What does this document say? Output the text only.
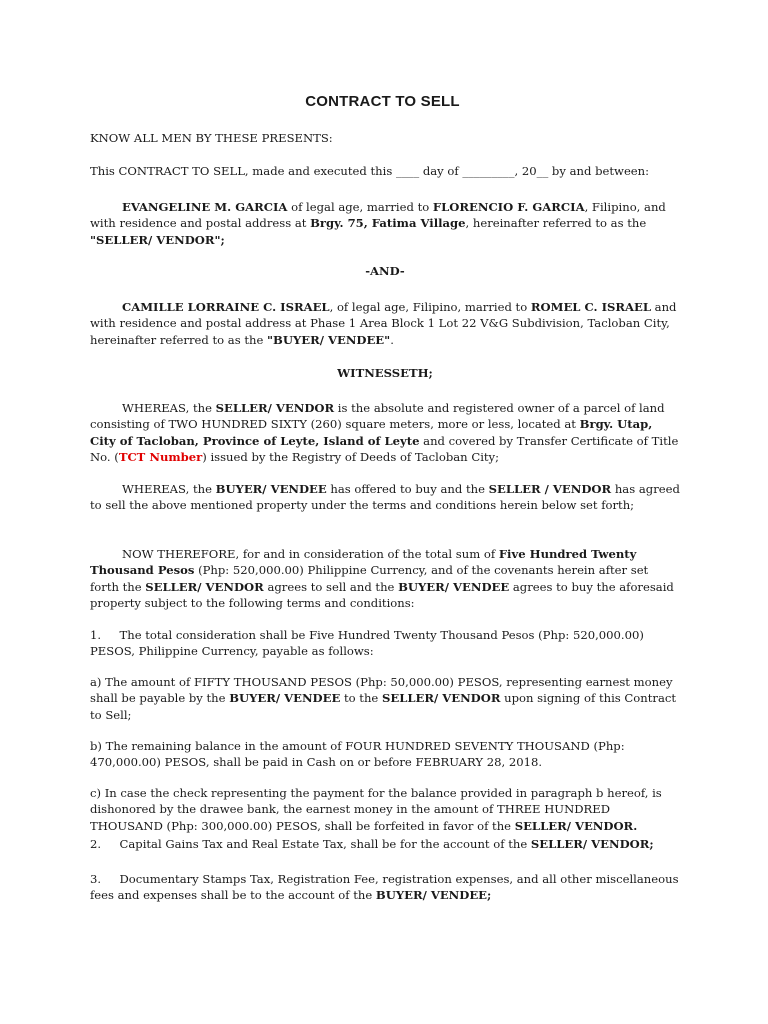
CONTRACT TO SELL

KNOW ALL MEN BY THESE PRESENTS:

This CONTRACT TO SELL, made and executed this ____ day of _________, 20__ by and between:

EVANGELINE M. GARCIA of legal age, married to FLORENCIO F. GARCIA, Filipino, and with residence and postal address at Brgy. 75, Fatima Village, hereinafter referred to as the "SELLER/ VENDOR";

-AND-

CAMILLE LORRAINE C. ISRAEL, of legal age, Filipino, married to ROMEL C. ISRAEL and with residence and postal address at Phase 1 Area Block 1 Lot 22 V&G Subdivision, Tacloban City, hereinafter referred to as the "BUYER/ VENDEE".

WITNESSETH;

WHEREAS, the SELLER/ VENDOR is the absolute and registered owner of a parcel of land consisting of TWO HUNDRED SIXTY (260) square meters, more or less, located at Brgy. Utap, City of Tacloban, Province of Leyte, Island of Leyte and covered by Transfer Certificate of Title No. (TCT Number) issued by the Registry of Deeds of Tacloban City;

WHEREAS, the BUYER/ VENDEE has offered to buy and the SELLER / VENDOR has agreed to sell the above mentioned property under the terms and conditions herein below set forth;

NOW THEREFORE, for and in consideration of the total sum of Five Hundred Twenty Thousand Pesos (Php: 520,000.00) Philippine Currency, and of the covenants herein after set forth the SELLER/ VENDOR agrees to sell and the BUYER/ VENDEE agrees to buy the aforesaid property subject to the following terms and conditions:

1.     The total consideration shall be Five Hundred Twenty Thousand Pesos (Php: 520,000.00) PESOS, Philippine Currency, payable as follows:

a) The amount of FIFTY THOUSAND PESOS (Php: 50,000.00) PESOS, representing earnest money shall be payable by the BUYER/ VENDEE to the SELLER/ VENDOR upon signing of this Contract to Sell;

b) The remaining balance in the amount of FOUR HUNDRED SEVENTY THOUSAND (Php: 470,000.00) PESOS, shall be paid in Cash on or before FEBRUARY 28, 2018.

c) In case the check representing the payment for the balance provided in paragraph b hereof, is dishonored by the drawee bank, the earnest money in the amount of THREE HUNDRED THOUSAND (Php: 300,000.00) PESOS, shall be forfeited in favor of the SELLER/ VENDOR.

2.     Capital Gains Tax and Real Estate Tax, shall be for the account of the SELLER/ VENDOR;

3.     Documentary Stamps Tax, Registration Fee, registration expenses, and all other miscellaneous fees and expenses shall be to the account of the BUYER/ VENDEE;
